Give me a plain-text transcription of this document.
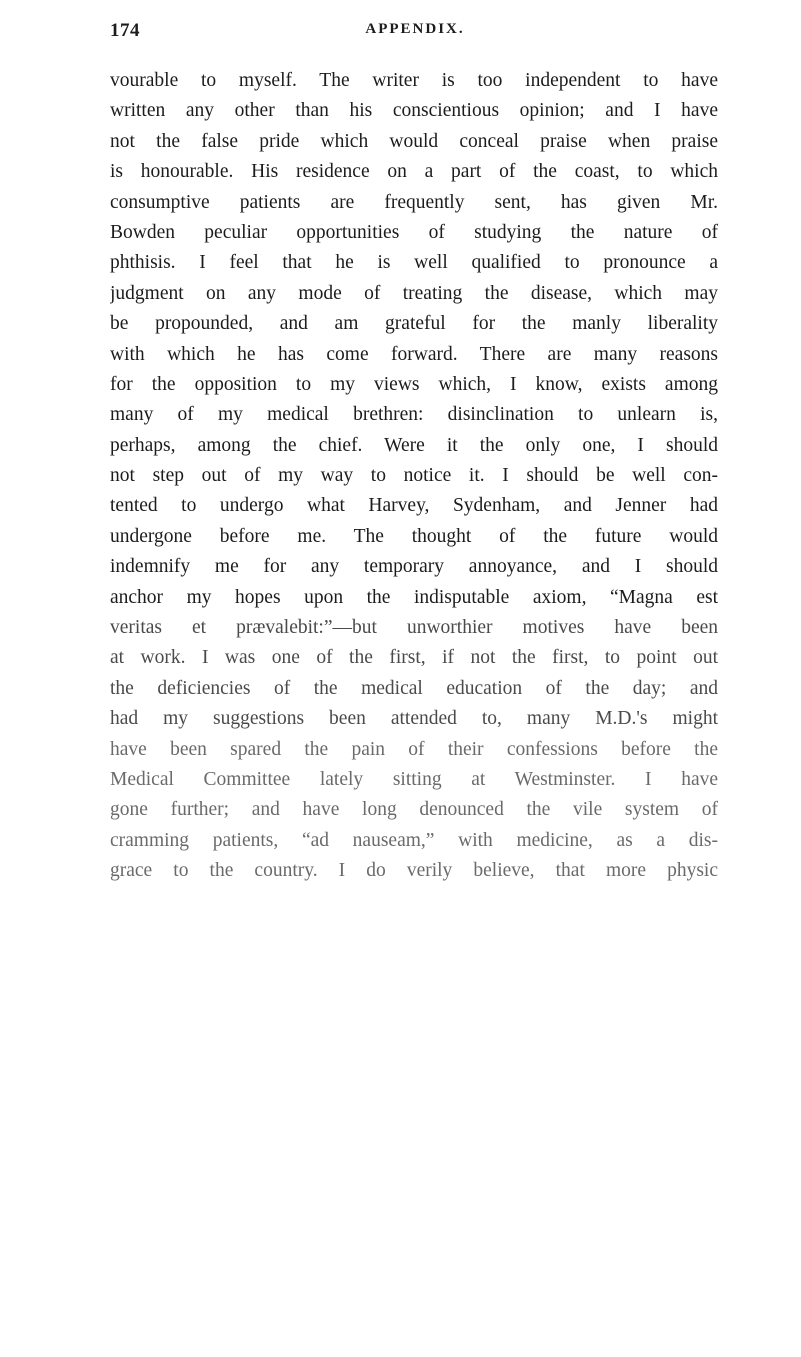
174	APPENDIX.
vourable to myself. The writer is too independent to have
written any other than his conscientious opinion; and I have
not the false pride which would conceal praise when praise
is honourable. His residence on a part of the coast, to which
consumptive patients are frequently sent, has given Mr.
Bowden peculiar opportunities of studying the nature of
phthisis. I feel that he is well qualified to pronounce a
judgment on any mode of treating the disease, which may
be propounded, and am grateful for the manly liberality
with which he has come forward. There are many reasons
for the opposition to my views which, I know, exists among
many of my medical brethren: disinclination to unlearn is,
perhaps, among the chief. Were it the only one, I should
not step out of my way to notice it. I should be well con-
tented to undergo what Harvey, Sydenham, and Jenner had
undergone before me. The thought of the future would
indemnify me for any temporary annoyance, and I should
anchor my hopes upon the indisputable axiom, “Magna est
veritas et prævalebit:”—but unworthier motives have been
at work. I was one of the first, if not the first, to point out
the deficiencies of the medical education of the day; and
had my suggestions been attended to, many M.D.'s might
have been spared the pain of their confessions before the
Medical Committee lately sitting at Westminster. I have
gone further; and have long denounced the vile system of
cramming patients, “ad nauseam,” with medicine, as a dis-
grace to the country. I do verily believe, that more physic
